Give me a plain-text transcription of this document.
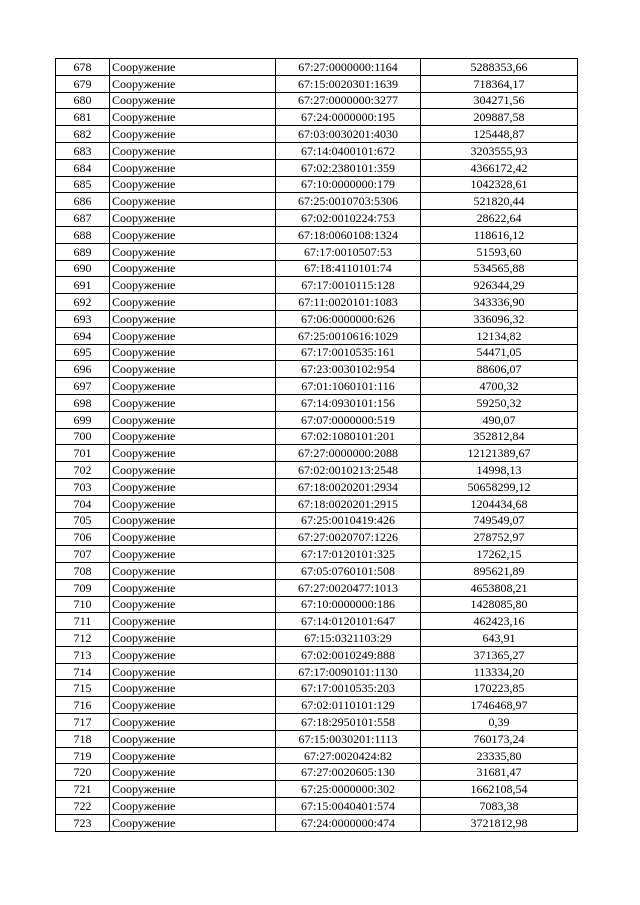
678	Сооружение	67:27:0000000:1164	5288353,66
679	Сооружение	67:15:0020301:1639	718364,17
680	Сооружение	67:27:0000000:3277	304271,56
681	Сооружение	67:24:0000000:195	209887,58
682	Сооружение	67:03:0030201:4030	125448,87
683	Сооружение	67:14:0400101:672	3203555,93
684	Сооружение	67:02:2380101:359	4366172,42
685	Сооружение	67:10:0000000:179	1042328,61
686	Сооружение	67:25:0010703:5306	521820,44
687	Сооружение	67:02:0010224:753	28622,64
688	Сооружение	67:18:0060108:1324	118616,12
689	Сооружение	67:17:0010507:53	51593,60
690	Сооружение	67:18:4110101:74	534565,88
691	Сооружение	67:17:0010115:128	926344,29
692	Сооружение	67:11:0020101:1083	343336,90
693	Сооружение	67:06:0000000:626	336096,32
694	Сооружение	67:25:0010616:1029	12134,82
695	Сооружение	67:17:0010535:161	54471,05
696	Сооружение	67:23:0030102:954	88606,07
697	Сооружение	67:01:1060101:116	4700,32
698	Сооружение	67:14:0930101:156	59250,32
699	Сооружение	67:07:0000000:519	490,07
700	Сооружение	67:02:1080101:201	352812,84
701	Сооружение	67:27:0000000:2088	12121389,67
702	Сооружение	67:02:0010213:2548	14998,13
703	Сооружение	67:18:0020201:2934	50658299,12
704	Сооружение	67:18:0020201:2915	1204434,68
705	Сооружение	67:25:0010419:426	749549,07
706	Сооружение	67:27:0020707:1226	278752,97
707	Сооружение	67:17:0120101:325	17262,15
708	Сооружение	67:05:0760101:508	895621,89
709	Сооружение	67:27:0020477:1013	4653808,21
710	Сооружение	67:10:0000000:186	1428085,80
711	Сооружение	67:14:0120101:647	462423,16
712	Сооружение	67:15:0321103:29	643,91
713	Сооружение	67:02:0010249:888	371365,27
714	Сооружение	67:17:0090101:1130	113334,20
715	Сооружение	67:17:0010535:203	170223,85
716	Сооружение	67:02:0110101:129	1746468,97
717	Сооружение	67:18:2950101:558	0,39
718	Сооружение	67:15:0030201:1113	760173,24
719	Сооружение	67:27:0020424:82	23335,80
720	Сооружение	67:27:0020605:130	31681,47
721	Сооружение	67:25:0000000:302	1662108,54
722	Сооружение	67:15:0040401:574	7083,38
723	Сооружение	67:24:0000000:474	3721812,98
